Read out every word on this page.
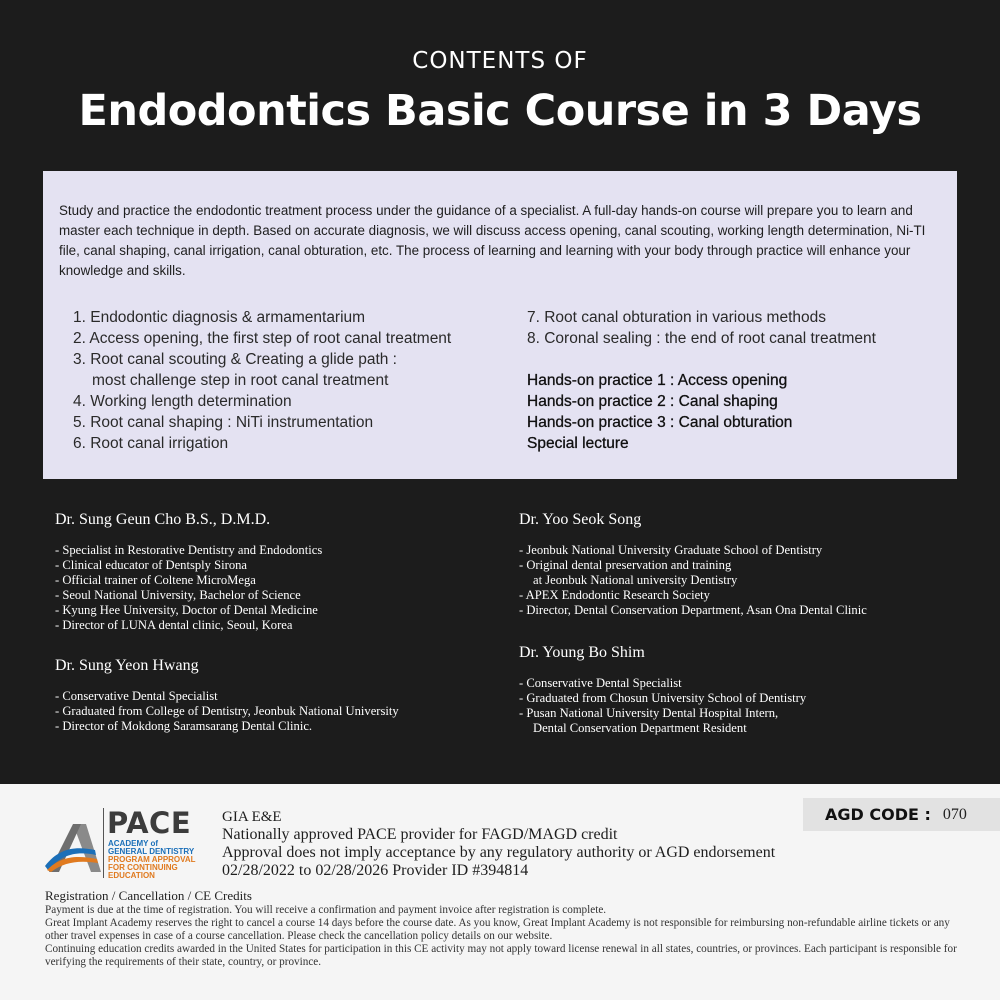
CONTENTS OF
Endodontics Basic Course in 3 Days

Study and practice the endodontic treatment process under the guidance of a specialist. A full-day hands-on course will prepare you to learn and master each technique in depth. Based on accurate diagnosis, we will discuss access opening, canal scouting, working length determination, Ni-TI file, canal shaping, canal irrigation, canal obturation, etc. The process of learning and learning with your body through practice will enhance your knowledge and skills.

1. Endodontic diagnosis & armamentarium
2. Access opening, the first step of root canal treatment
3. Root canal scouting & Creating a glide path :
most challenge step in root canal treatment
4. Working length determination
5. Root canal shaping : NiTi instrumentation
6. Root canal irrigation
7. Root canal obturation in various methods
8. Coronal sealing : the end of root canal treatment
Hands-on practice 1 : Access opening
Hands-on practice 2 : Canal shaping
Hands-on practice 3 : Canal obturation
Special lecture
Dr. Sung Geun Cho B.S., D.M.D.
- Specialist in Restorative Dentistry and Endodontics
- Clinical educator of Dentsply Sirona
- Official trainer of Coltene MicroMega
- Seoul National University, Bachelor of Science
- Kyung Hee University, Doctor of Dental Medicine
- Director of LUNA dental clinic, Seoul, Korea
Dr. Sung Yeon Hwang
- Conservative Dental Specialist
- Graduated from College of Dentistry, Jeonbuk National University
- Director of Mokdong Saramsarang Dental Clinic.
Dr. Yoo Seok Song
- Jeonbuk National University Graduate School of Dentistry
- Original dental preservation and training
at Jeonbuk National university Dentistry
- APEX Endodontic Research Society
- Director, Dental Conservation Department, Asan Ona Dental Clinic
Dr. Young Bo Shim
- Conservative Dental Specialist
- Graduated from Chosun University School of Dentistry
- Pusan National University Dental Hospital Intern,
Dental Conservation Department Resident
PACE
ACADEMY of
GENERAL DENTISTRY
PROGRAM APPROVAL
FOR CONTINUING
EDUCATION
GIA E&E
Nationally approved PACE provider for FAGD/MAGD credit
Approval does not imply acceptance by any regulatory authority or AGD endorsement
02/28/2022 to 02/28/2026 Provider ID #394814
AGD CODE : 070
Registration / Cancellation / CE Credits

Payment is due at the time of registration. You will receive a confirmation and payment invoice after registration is complete.

Great Implant Academy reserves the right to cancel a course 14 days before the course date. As you know, Great Implant Academy is not responsible for reimbursing non-refundable airline tickets or any other travel expenses in case of a course cancellation. Please check the cancellation policy details on our website.

Continuing education credits awarded in the United States for participation in this CE activity may not apply toward license renewal in all states, countries, or provinces. Each participant is responsible for verifying the requirements of their state, country, or province.
